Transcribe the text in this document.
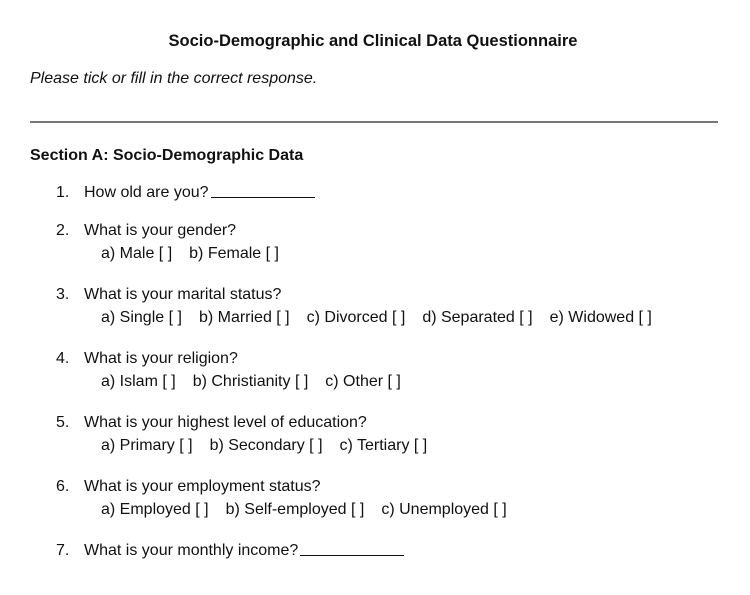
Socio-Demographic and Clinical Data Questionnaire
Please tick or fill in the correct response.
Section A: Socio-Demographic Data
1. How old are you?
2. What is your gender?
a) Male [ ] b) Female [ ]
3. What is your marital status?
a) Single [ ] b) Married [ ] c) Divorced [ ] d) Separated [ ] e) Widowed [ ]
4. What is your religion?
a) Islam [ ] b) Christianity [ ] c) Other [ ]
5. What is your highest level of education?
a) Primary [ ] b) Secondary [ ] c) Tertiary [ ]
6. What is your employment status?
a) Employed [ ] b) Self-employed [ ] c) Unemployed [ ]
7. What is your monthly income?
